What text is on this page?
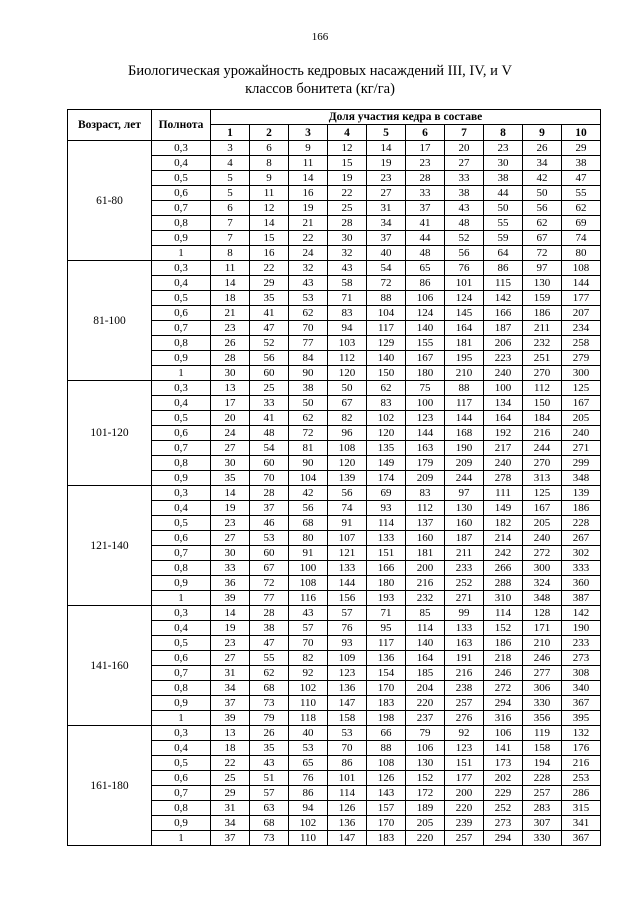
166
Биологическая урожайность кедровых насаждений III, IV, и V
классов бонитета (кг/га)
Возраст, лет	Полнота	Доля участия кедра в составе									
		1	2	3	4	5	6	7	8	9	10
61-80	0,3	3	6	9	12	14	17	20	23	26	29
	0,4	4	8	11	15	19	23	27	30	34	38
	0,5	5	9	14	19	23	28	33	38	42	47
	0,6	5	11	16	22	27	33	38	44	50	55
	0,7	6	12	19	25	31	37	43	50	56	62
	0,8	7	14	21	28	34	41	48	55	62	69
	0,9	7	15	22	30	37	44	52	59	67	74
	1	8	16	24	32	40	48	56	64	72	80
81-100	0,3	11	22	32	43	54	65	76	86	97	108
	0,4	14	29	43	58	72	86	101	115	130	144
	0,5	18	35	53	71	88	106	124	142	159	177
	0,6	21	41	62	83	104	124	145	166	186	207
	0,7	23	47	70	94	117	140	164	187	211	234
	0,8	26	52	77	103	129	155	181	206	232	258
	0,9	28	56	84	112	140	167	195	223	251	279
	1	30	60	90	120	150	180	210	240	270	300
101-120	0,3	13	25	38	50	62	75	88	100	112	125
	0,4	17	33	50	67	83	100	117	134	150	167
	0,5	20	41	62	82	102	123	144	164	184	205
	0,6	24	48	72	96	120	144	168	192	216	240
	0,7	27	54	81	108	135	163	190	217	244	271
	0,8	30	60	90	120	149	179	209	240	270	299
	0,9	35	70	104	139	174	209	244	278	313	348
121-140	0,3	14	28	42	56	69	83	97	111	125	139
	0,4	19	37	56	74	93	112	130	149	167	186
	0,5	23	46	68	91	114	137	160	182	205	228
	0,6	27	53	80	107	133	160	187	214	240	267
	0,7	30	60	91	121	151	181	211	242	272	302
	0,8	33	67	100	133	166	200	233	266	300	333
	0,9	36	72	108	144	180	216	252	288	324	360
	1	39	77	116	156	193	232	271	310	348	387
141-160	0,3	14	28	43	57	71	85	99	114	128	142
	0,4	19	38	57	76	95	114	133	152	171	190
	0,5	23	47	70	93	117	140	163	186	210	233
	0,6	27	55	82	109	136	164	191	218	246	273
	0,7	31	62	92	123	154	185	216	246	277	308
	0,8	34	68	102	136	170	204	238	272	306	340
	0,9	37	73	110	147	183	220	257	294	330	367
	1	39	79	118	158	198	237	276	316	356	395
161-180	0,3	13	26	40	53	66	79	92	106	119	132
	0,4	18	35	53	70	88	106	123	141	158	176
	0,5	22	43	65	86	108	130	151	173	194	216
	0,6	25	51	76	101	126	152	177	202	228	253
	0,7	29	57	86	114	143	172	200	229	257	286
	0,8	31	63	94	126	157	189	220	252	283	315
	0,9	34	68	102	136	170	205	239	273	307	341
	1	37	73	110	147	183	220	257	294	330	367
